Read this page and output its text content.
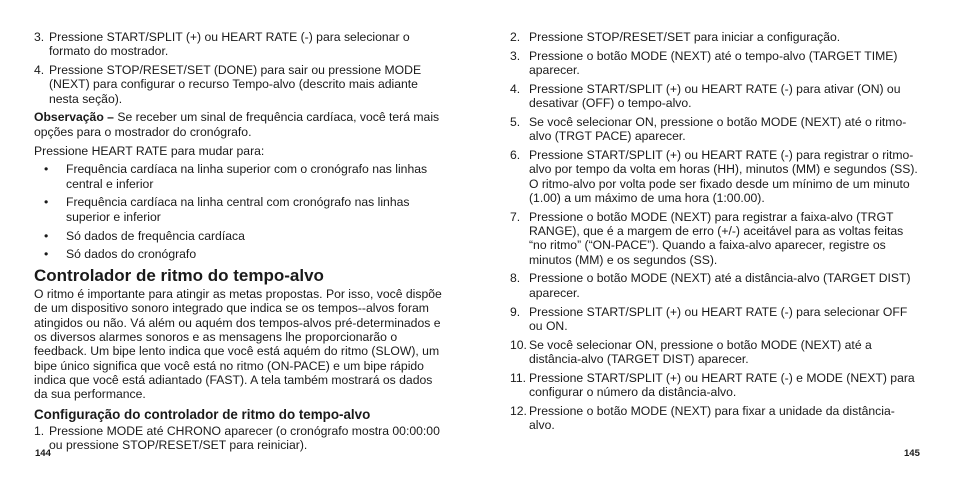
3. Pressione START/SPLIT (+) ou HEART RATE (-) para selecionar o formato do mostrador.
4. Pressione STOP/RESET/SET (DONE) para sair ou pressione MODE (NEXT) para configurar o recurso Tempo-alvo (descrito mais adiante nesta seção).
Observação – Se receber um sinal de frequência cardíaca, você terá mais opções para o mostrador do cronógrafo.
Pressione HEART RATE para mudar para:
• Frequência cardíaca na linha superior com o cronógrafo nas linhas central e inferior
• Frequência cardíaca na linha central com cronógrafo nas linhas superior e inferior
• Só dados de frequência cardíaca
• Só dados do cronógrafo
Controlador de ritmo do tempo-alvo
O ritmo é importante para atingir as metas propostas. Por isso, você dispõe de um dispositivo sonoro integrado que indica se os tempos--alvos foram atingidos ou não. Vá além ou aquém dos tempos-alvos pré-determinados e os diversos alarmes sonoros e as mensagens lhe proporcionarão o feedback. Um bipe lento indica que você está aquém do ritmo (SLOW), um bipe único significa que você está no ritmo (ON-PACE) e um bipe rápido indica que você está adiantado (FAST). A tela também mostrará os dados da sua performance.
Configuração do controlador de ritmo do tempo-alvo
1. Pressione MODE até CHRONO aparecer (o cronógrafo mostra 00:00:00 ou pressione STOP/RESET/SET para reiniciar).
2. Pressione STOP/RESET/SET para iniciar a configuração.
3. Pressione o botão MODE (NEXT) até o tempo-alvo (TARGET TIME) aparecer.
4. Pressione START/SPLIT (+) ou HEART RATE (-) para ativar (ON) ou desativar (OFF) o tempo-alvo.
5. Se você selecionar ON, pressione o botão MODE (NEXT) até o ritmo-alvo (TRGT PACE) aparecer.
6. Pressione START/SPLIT (+) ou HEART RATE (-) para registrar o ritmo-alvo por tempo da volta em horas (HH), minutos (MM) e segundos (SS). O ritmo-alvo por volta pode ser fixado desde um mínimo de um minuto (1.00) a um máximo de uma hora (1:00.00).
7. Pressione o botão MODE (NEXT) para registrar a faixa-alvo (TRGT RANGE), que é a margem de erro (+/-) aceitável para as voltas feitas “no ritmo” (“ON-PACE”). Quando a faixa-alvo aparecer, registre os minutos (MM) e os segundos (SS).
8. Pressione o botão MODE (NEXT) até a distância-alvo (TARGET DIST) aparecer.
9. Pressione START/SPLIT (+) ou HEART RATE (-) para selecionar OFF ou ON.
10. Se você selecionar ON, pressione o botão MODE (NEXT) até a distância-alvo (TARGET DIST) aparecer.
11. Pressione START/SPLIT (+) ou HEART RATE (-) e MODE (NEXT) para configurar o número da distância-alvo.
12. Pressione o botão MODE (NEXT) para fixar a unidade da distância-alvo.
144	145
